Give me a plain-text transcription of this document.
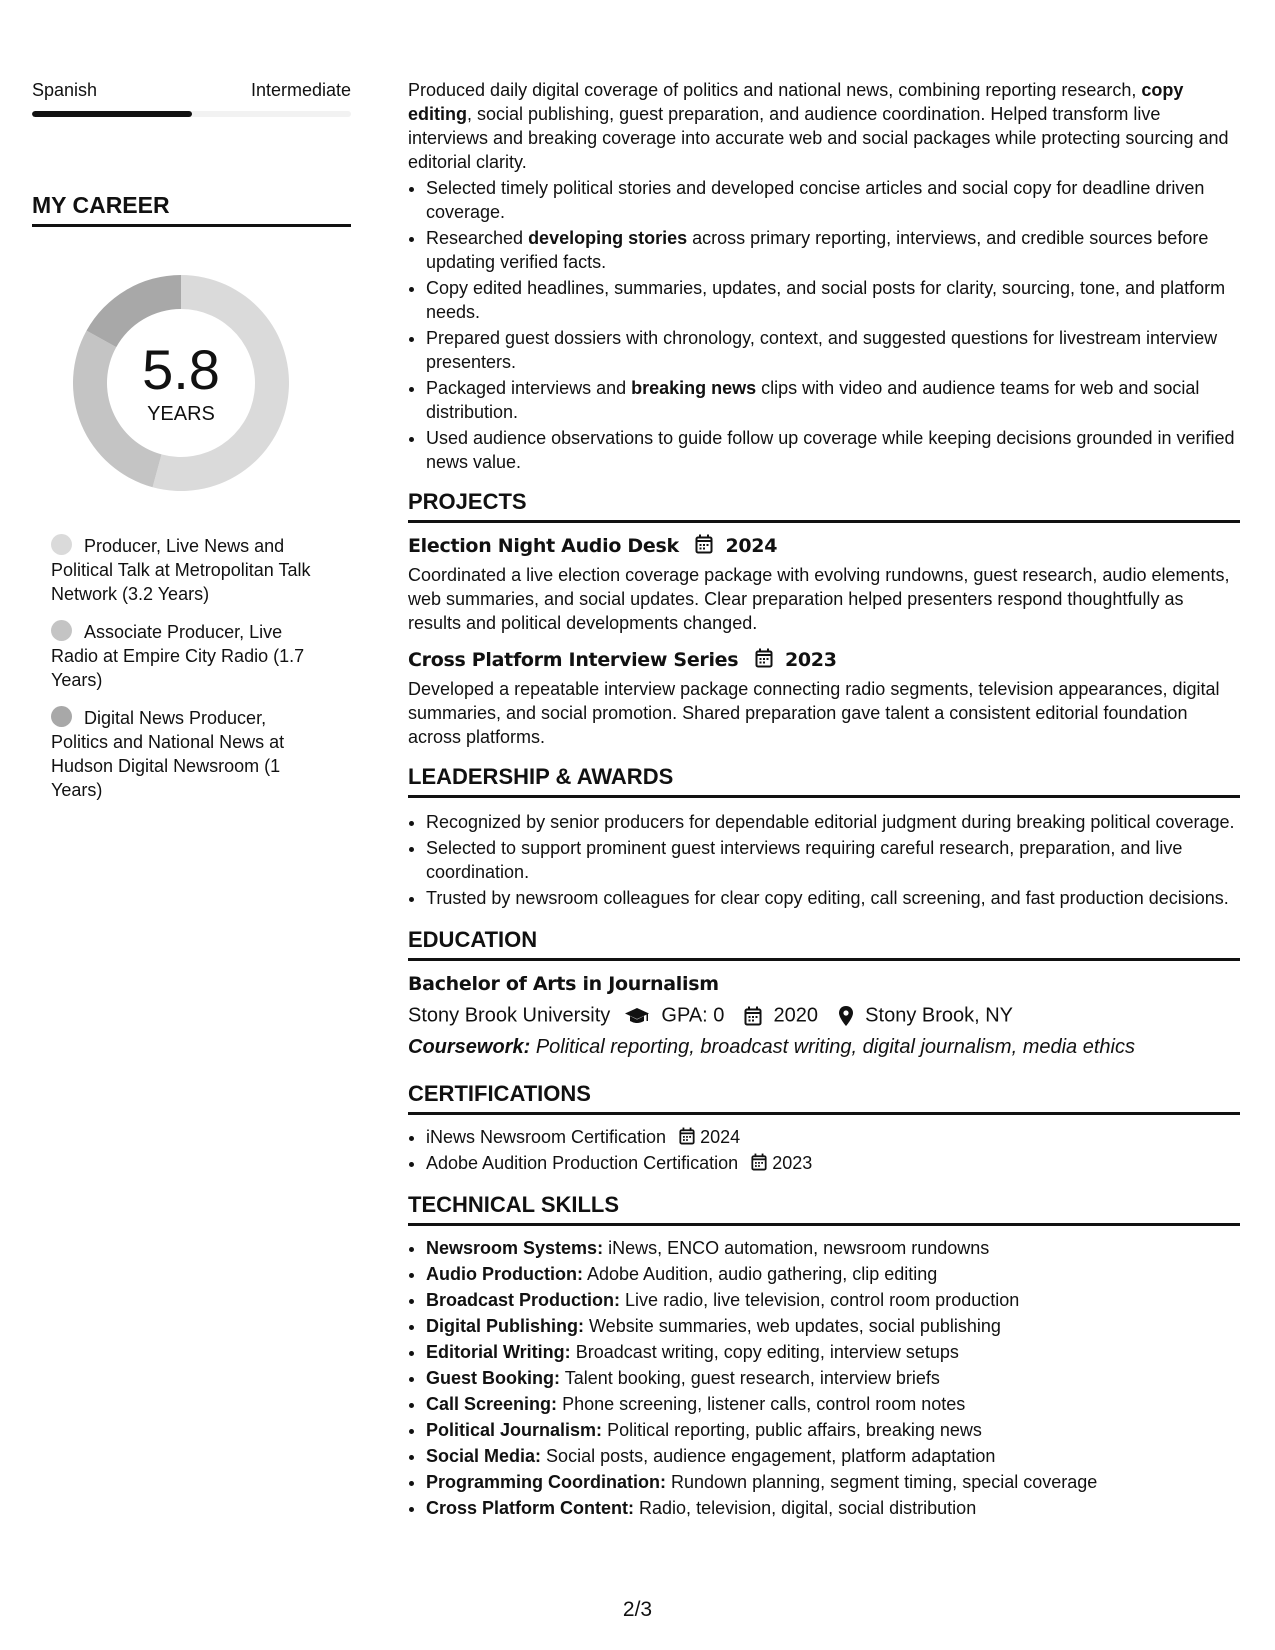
Spanish	Intermediate
MY CAREER
5.8
YEARS
Producer, Live News and Political Talk at Metropolitan Talk Network (3.2 Years)
Associate Producer, Live Radio at Empire City Radio (1.7 Years)
Digital News Producer, Politics and National News at Hudson Digital Newsroom (1 Years)

Produced daily digital coverage of politics and national news, combining reporting research, copy editing, social publishing, guest preparation, and audience coordination. Helped transform live interviews and breaking coverage into accurate web and social packages while protecting sourcing and editorial clarity.

• Selected timely political stories and developed concise articles and social copy for deadline driven coverage.
• Researched developing stories across primary reporting, interviews, and credible sources before updating verified facts.
• Copy edited headlines, summaries, updates, and social posts for clarity, sourcing, tone, and platform needs.
• Prepared guest dossiers with chronology, context, and suggested questions for livestream interview presenters.
• Packaged interviews and breaking news clips with video and audience teams for web and social distribution.
• Used audience observations to guide follow up coverage while keeping decisions grounded in verified news value.
PROJECTS
Election Night Audio Desk 2024

Coordinated a live election coverage package with evolving rundowns, guest research, audio elements, web summaries, and social updates. Clear preparation helped presenters respond thoughtfully as results and political developments changed.

Cross Platform Interview Series 2023

Developed a repeatable interview package connecting radio segments, television appearances, digital summaries, and social promotion. Shared preparation gave talent a consistent editorial foundation across platforms.

LEADERSHIP & AWARDS
• Recognized by senior producers for dependable editorial judgment during breaking political coverage.
• Selected to support prominent guest interviews requiring careful research, preparation, and live coordination.
• Trusted by newsroom colleagues for clear copy editing, call screening, and fast production decisions.
EDUCATION
Bachelor of Arts in Journalism
Stony Brook University	GPA: 0 2020 Stony Brook, NY
Coursework: Political reporting, broadcast writing, digital journalism, media ethics
CERTIFICATIONS
• iNews Newsroom Certification 2024
• Adobe Audition Production Certification 2023
TECHNICAL SKILLS
• Newsroom Systems: iNews, ENCO automation, newsroom rundowns
• Audio Production: Adobe Audition, audio gathering, clip editing
• Broadcast Production: Live radio, live television, control room production
• Digital Publishing: Website summaries, web updates, social publishing
• Editorial Writing: Broadcast writing, copy editing, interview setups
• Guest Booking: Talent booking, guest research, interview briefs
• Call Screening: Phone screening, listener calls, control room notes
• Political Journalism: Political reporting, public affairs, breaking news
• Social Media: Social posts, audience engagement, platform adaptation
• Programming Coordination: Rundown planning, segment timing, special coverage
• Cross Platform Content: Radio, television, digital, social distribution
2/3
